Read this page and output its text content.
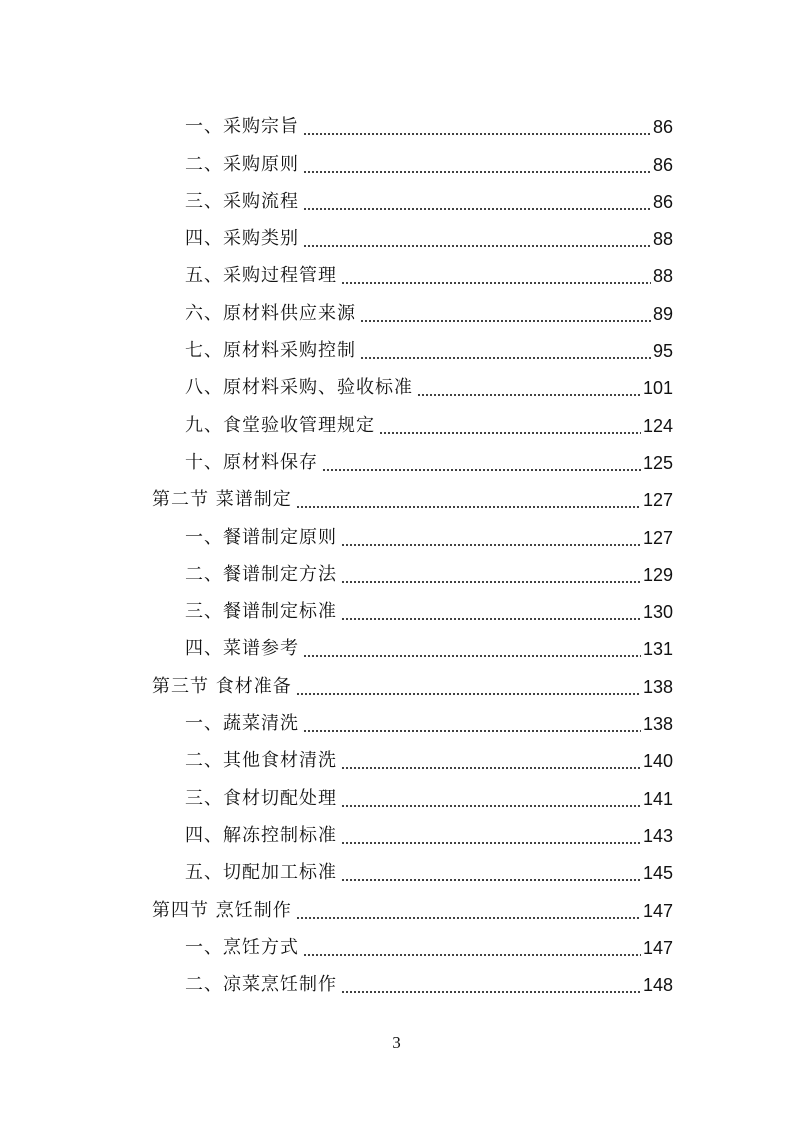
一、采购宗旨	86
二、采购原则	86
三、采购流程	86
四、采购类别	88
五、采购过程管理	88
六、原材料供应来源	89
七、原材料采购控制	95
八、原材料采购、验收标准	101
九、食堂验收管理规定	124
十、原材料保存	125
第二节 菜谱制定	127
一、餐谱制定原则	127
二、餐谱制定方法	129
三、餐谱制定标准	130
四、菜谱参考	131
第三节 食材准备	138
一、蔬菜清洗	138
二、其他食材清洗	140
三、食材切配处理	141
四、解冻控制标准	143
五、切配加工标准	145
第四节 烹饪制作	147
一、烹饪方式	147
二、凉菜烹饪制作	148
3
